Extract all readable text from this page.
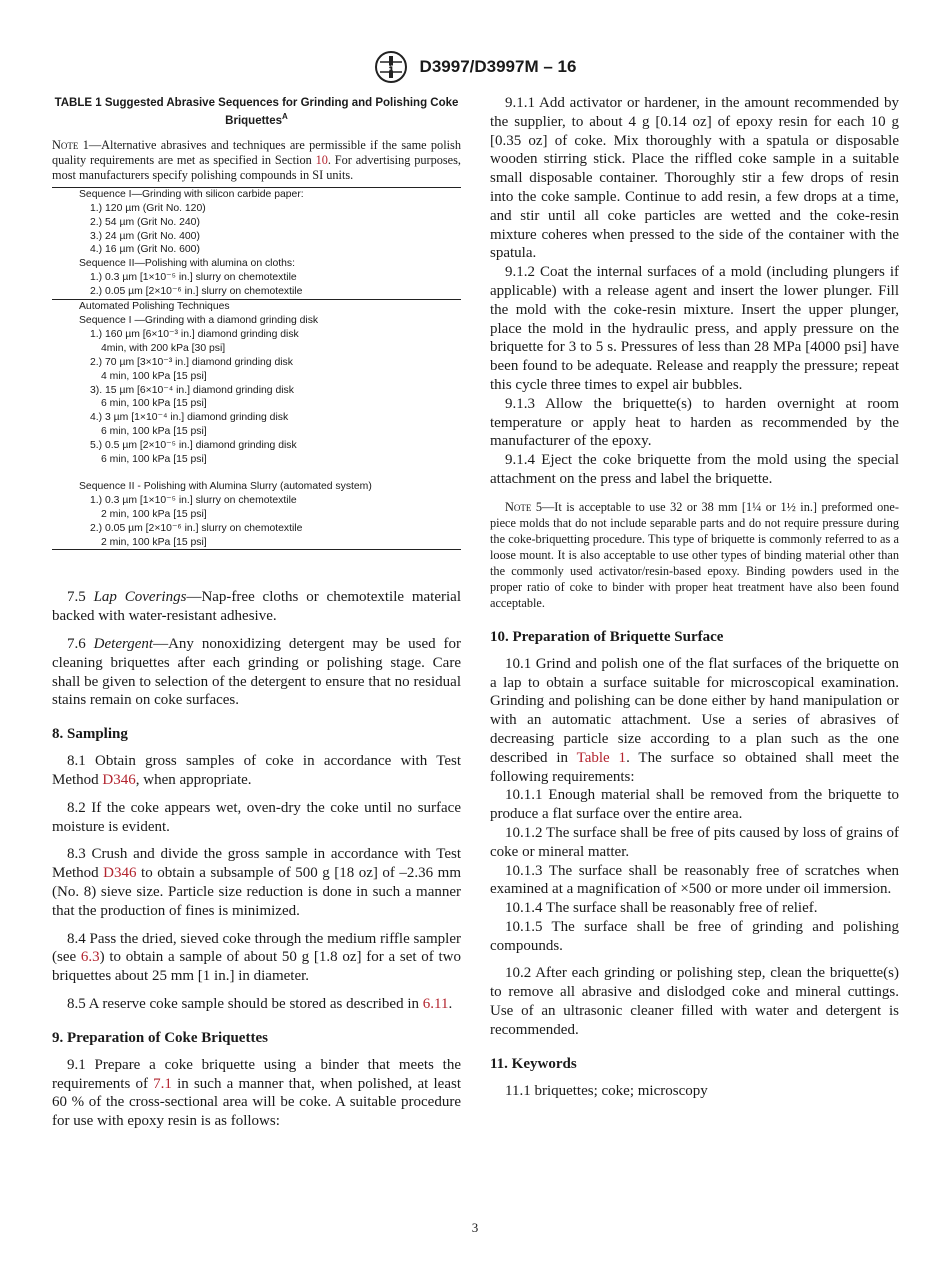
ASTM D3997/D3997M – 16
TABLE 1 Suggested Abrasive Sequences for Grinding and Polishing Coke Briquettes$^A$

Note 1—Alternative abrasives and techniques are permissible if the same polish quality requirements are met as specified in Section 10. For advertising purposes, most manufacturers specify polishing compounds in SI units.

Sequence I—Grinding with silicon carbide paper:
1.) 120 µm (Grit No. 120)
2.) 54 µm (Grit No. 240)
3.) 24 µm (Grit No. 400)
4.) 16 µm (Grit No. 600)
Sequence II—Polishing with alumina on cloths:
1.) 0.3 µm [1×10⁻⁵ in.] slurry on chemotextile
2.) 0.05 µm [2×10⁻⁶ in.] slurry on chemotextile
Automated Polishing Techniques
Sequence I —Grinding with a diamond grinding disk
1.) 160 µm [6×10⁻³ in.] diamond grinding disk
4min, with 200 kPa [30 psi]
2.) 70 µm [3×10⁻³ in.] diamond grinding disk
4 min, 100 kPa [15 psi]
3). 15 µm [6×10⁻⁴ in.] diamond grinding disk
6 min, 100 kPa [15 psi]
4.) 3 µm [1×10⁻⁴ in.] diamond grinding disk
6 min, 100 kPa [15 psi]
5.) 0.5 µm [2×10⁻⁵ in.] diamond grinding disk
6 min, 100 kPa [15 psi]

Sequence II - Polishing with Alumina Slurry (automated system)
1.) 0.3 µm [1×10⁻⁵ in.] slurry on chemotextile
2 min, 100 kPa [15 psi]
2.) 0.05 µm [2×10⁻⁶ in.] slurry on chemotextile
2 min, 100 kPa [15 psi]

7.5 Lap Coverings—Nap-free cloths or chemotextile material backed with water-resistant adhesive.

7.6 Detergent—Any nonoxidizing detergent may be used for cleaning briquettes after each grinding or polishing stage. Care shall be given to selection of the detergent to ensure that no residual stains remain on coke surfaces.

8. Sampling

8.1 Obtain gross samples of coke in accordance with Test Method D346, when appropriate.

8.2 If the coke appears wet, oven-dry the coke until no surface moisture is evident.

8.3 Crush and divide the gross sample in accordance with Test Method D346 to obtain a subsample of 500 g [18 oz] of –2.36 mm (No. 8) sieve size. Particle size reduction is done in such a manner that the production of fines is minimized.

8.4 Pass the dried, sieved coke through the medium riffle sampler (see 6.3) to obtain a sample of about 50 g [1.8 oz] for a set of two briquettes about 25 mm [1 in.] in diameter.

8.5 A reserve coke sample should be stored as described in 6.11.

9. Preparation of Coke Briquettes

9.1 Prepare a coke briquette using a binder that meets the requirements of 7.1 in such a manner that, when polished, at least 60 % of the cross-sectional area will be coke. A suitable procedure for use with epoxy resin is as follows:

9.1.1 Add activator or hardener, in the amount recommended by the supplier, to about 4 g [0.14 oz] of epoxy resin for each 10 g [0.35 oz] of coke. Mix thoroughly with a spatula or disposable wooden stirring stick. Place the riffled coke sample in a suitable small disposable container. Thoroughly stir a few drops of resin into the coke sample. Continue to add resin, a few drops at a time, and stir until all coke particles are wetted and the coke-resin mixture coheres when pressed to the side of the container with the spatula.

9.1.2 Coat the internal surfaces of a mold (including plungers if applicable) with a release agent and insert the lower plunger. Fill the mold with the coke-resin mixture. Insert the upper plunger, place the mold in the hydraulic press, and apply pressure on the briquette for 3 to 5 s. Pressures of less than 28 MPa [4000 psi] have been found to be adequate. Release and reapply the pressure; repeat this cycle three times to expel air bubbles.

9.1.3 Allow the briquette(s) to harden overnight at room temperature or apply heat to harden as recommended by the manufacturer of the epoxy.

9.1.4 Eject the coke briquette from the mold using the special attachment on the press and label the briquette.

Note 5—It is acceptable to use 32 or 38 mm [1¼ or 1½ in.] preformed one-piece molds that do not include separable parts and do not require pressure during the coke-briquetting procedure. This type of briquette is commonly referred to as a loose mount. It is also acceptable to use other types of binding material other than the commonly used activator/resin-based epoxy. Binding powders used in the proper ratio of coke to binder with proper heat treatment have also been found acceptable.

10. Preparation of Briquette Surface

10.1 Grind and polish one of the flat surfaces of the briquette on a lap to obtain a surface suitable for microscopical examination. Grinding and polishing can be done either by hand manipulation or with an automatic attachment. Use a series of abrasives of decreasing particle size according to a plan such as the one described in Table 1. The surface so obtained shall meet the following requirements:

10.1.1 Enough material shall be removed from the briquette to produce a flat surface over the entire area.

10.1.2 The surface shall be free of pits caused by loss of grains of coke or mineral matter.

10.1.3 The surface shall be reasonably free of scratches when examined at a magnification of ×500 or more under oil immersion.

10.1.4 The surface shall be reasonably free of relief.

10.1.5 The surface shall be free of grinding and polishing compounds.

10.2 After each grinding or polishing step, clean the briquette(s) to remove all abrasive and dislodged coke and mineral cuttings. Use of an ultrasonic cleaner filled with water and detergent is recommended.

11. Keywords

11.1 briquettes; coke; microscopy

3
